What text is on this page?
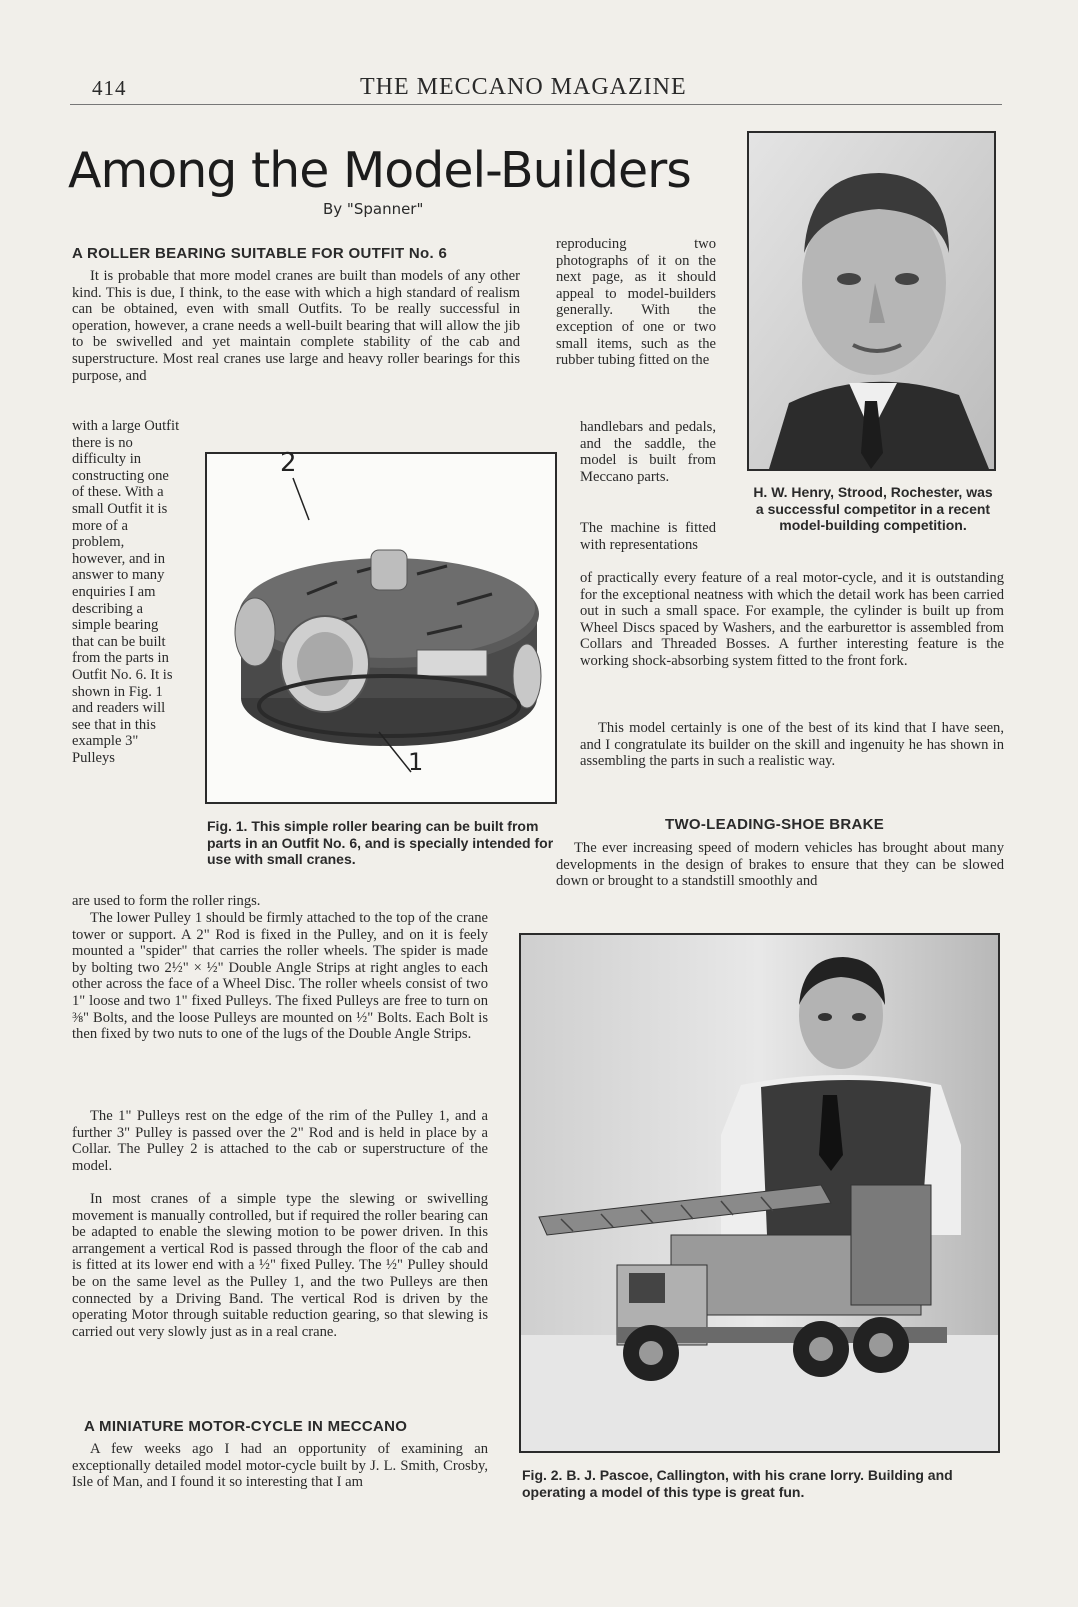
414	THE MECCANO MAGAZINE
Among the Model-Builders
By "Spanner"
A ROLLER BEARING SUITABLE FOR OUTFIT No. 6

It is probable that more model cranes are built than models of any other kind. This is due, I think, to the ease with which a high standard of realism can be obtained, even with small Outfits. To be really successful in operation, however, a crane needs a well-built bearing that will allow the jib to be swivelled and yet maintain complete stability of the cab and superstructure. Most real cranes use large and heavy roller bearings for this purpose, and

with a large Outfit there is no difficulty in constructing one of these. With a small Outfit it is more of a problem, however, and in answer to many enquiries I am describing a simple bearing that can be built from the parts in Outfit No. 6. It is shown in Fig. 1 and readers will see that in this example 3" Pulleys

2
1

Fig. 1. This simple roller bearing can be built from parts in an Outfit No. 6, and is specially intended for use with small cranes.

are used to form the roller rings.

The lower Pulley 1 should be firmly attached to the top of the crane tower or support. A 2" Rod is fixed in the Pulley, and on it is feely mounted a "spider" that carries the roller wheels. The spider is made by bolting two 2½" × ½" Double Angle Strips at right angles to each other across the face of a Wheel Disc. The roller wheels consist of two 1" loose and two 1" fixed Pulleys. The fixed Pulleys are free to turn on ⅜" Bolts, and the loose Pulleys are mounted on ½" Bolts. Each Bolt is then fixed by two nuts to one of the lugs of the Double Angle Strips.

The 1" Pulleys rest on the edge of the rim of the Pulley 1, and a further 3" Pulley is passed over the 2" Rod and is held in place by a Collar. The Pulley 2 is attached to the cab or superstructure of the model.

In most cranes of a simple type the slewing or swivelling movement is manually controlled, but if required the roller bearing can be adapted to enable the slewing motion to be power driven. In this arrangement a vertical Rod is passed through the floor of the cab and is fitted at its lower end with a ½" fixed Pulley. The ½" Pulley should be on the same level as the Pulley 1, and the two Pulleys are then connected by a Driving Band. The vertical Rod is driven by the operating Motor through suitable reduction gearing, so that slewing is carried out very slowly just as in a real crane.

A MINIATURE MOTOR-CYCLE IN MECCANO

A few weeks ago I had an opportunity of examining an exceptionally detailed model motor-cycle built by J. L. Smith, Crosby, Isle of Man, and I found it so interesting that I am

reproducing two photographs of it on the next page, as it should appeal to model-builders generally. With the exception of one or two small items, such as the rubber tubing fitted on the

handlebars and pedals, and the saddle, the model is built from Meccano parts.

The machine is fitted with representations

H. W. Henry, Strood, Rochester, was a successful competitor in a recent model-building competition.

of practically every feature of a real motor-cycle, and it is outstanding for the exceptional neatness with which the detail work has been carried out in such a small space. For example, the cylinder is built up from Wheel Discs spaced by Washers, and the earburettor is assembled from Collars and Threaded Bosses. A further interesting feature is the working shock-absorbing system fitted to the front fork.

This model certainly is one of the best of its kind that I have seen, and I congratulate its builder on the skill and ingenuity he has shown in assembling the parts in such a realistic way.

TWO-LEADING-SHOE BRAKE

The ever increasing speed of modern vehicles has brought about many developments in the design of brakes to ensure that they can be slowed down or brought to a standstill smoothly and

Fig. 2. B. J. Pascoe, Callington, with his crane lorry. Building and operating a model of this type is great fun.
